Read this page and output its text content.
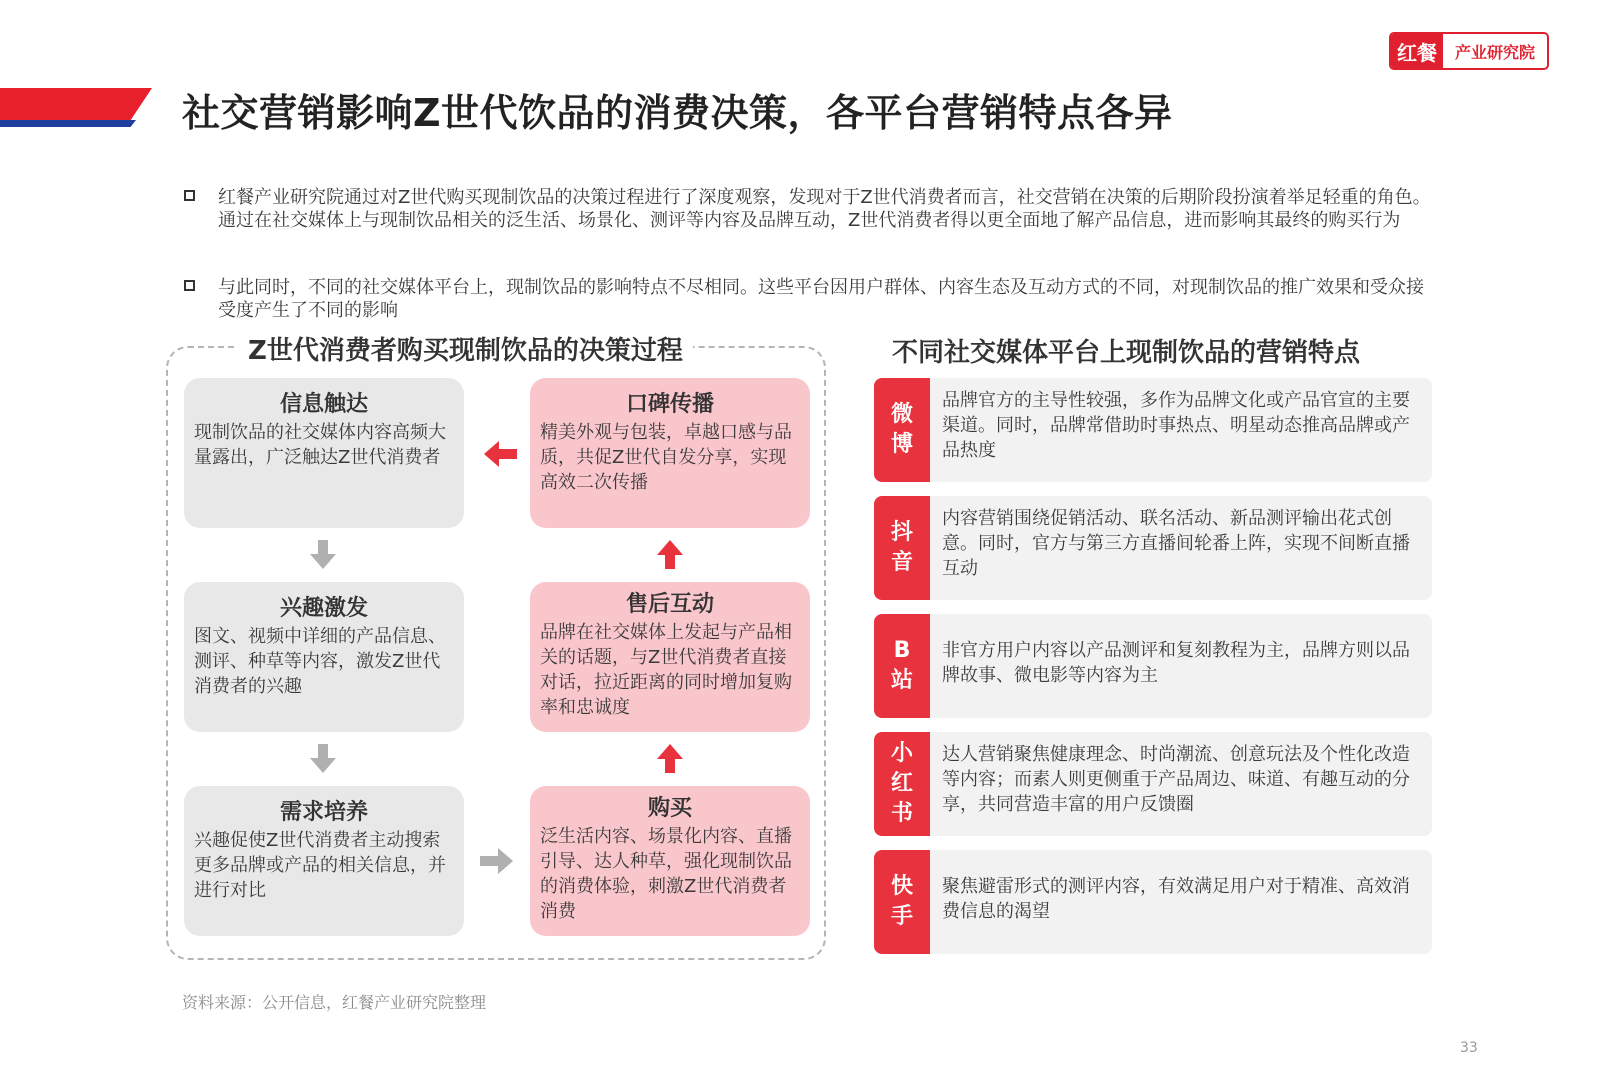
红餐	产业研究院
社交营销影响Z世代饮品的消费决策，各平台营销特点各异
红餐产业研究院通过对Z世代购买现制饮品的决策过程进行了深度观察，发现对于Z世代消费者而言，社交营销在决策的后期阶段扮演着举足轻重的角色。通过在社交媒体上与现制饮品相关的泛生活、场景化、测评等内容及品牌互动，Z世代消费者得以更全面地了解产品信息，进而影响其最终的购买行为
与此同时，不同的社交媒体平台上，现制饮品的影响特点不尽相同。这些平台因用户群体、内容生态及互动方式的不同，对现制饮品的推广效果和受众接受度产生了不同的影响
Z世代消费者购买现制饮品的决策过程
信息触达
现制饮品的社交媒体内容高频大量露出，广泛触达Z世代消费者
兴趣激发
图文、视频中详细的产品信息、测评、种草等内容，激发Z世代消费者的兴趣
需求培养
兴趣促使Z世代消费者主动搜索更多品牌或产品的相关信息，并进行对比
口碑传播
精美外观与包装，卓越口感与品质，共促Z世代自发分享，实现高效二次传播
售后互动
品牌在社交媒体上发起与产品相关的话题，与Z世代消费者直接对话，拉近距离的同时增加复购率和忠诚度
购买
泛生活内容、场景化内容、直播引导、达人种草，强化现制饮品的消费体验，刺激Z世代消费者消费
不同社交媒体平台上现制饮品的营销特点
微博
品牌官方的主导性较强，多作为品牌文化或产品官宣的主要渠道。同时，品牌常借助时事热点、明星动态推高品牌或产品热度
抖音
内容营销围绕促销活动、联名活动、新品测评输出花式创意。同时，官方与第三方直播间轮番上阵，实现不间断直播互动
B站
非官方用户内容以产品测评和复刻教程为主，品牌方则以品牌故事、微电影等内容为主
小红书
达人营销聚焦健康理念、时尚潮流、创意玩法及个性化改造等内容；而素人则更侧重于产品周边、味道、有趣互动的分享，共同营造丰富的用户反馈圈
快手
聚焦避雷形式的测评内容，有效满足用户对于精准、高效消费信息的渴望
资料来源：公开信息，红餐产业研究院整理
33
